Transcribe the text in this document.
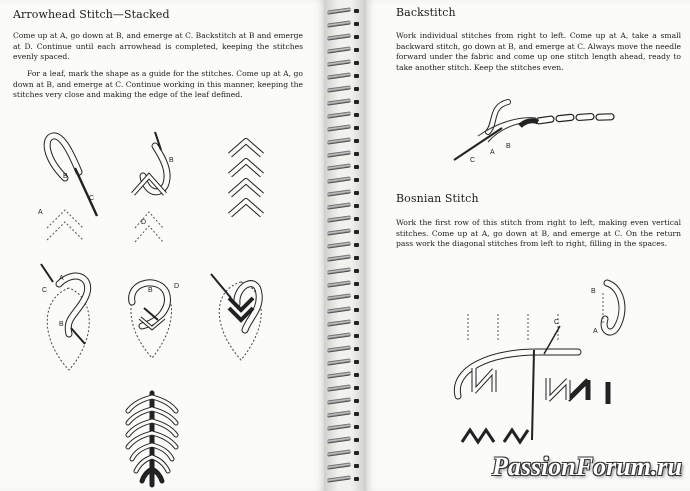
Arrowhead Stitch—Stacked

Come up at A, go down at B, and emerge at C. Backstitch at B and emerge at D. Continue until each arrowhead is completed, keeping the stitches evenly spaced.

For a leaf, mark the shape as a guide for the stitches. Come up at A, go down at B, and emerge at C. Continue working in this manner, keeping the stitches very close and making the edge of the leaf defined.

A
B
C
B
D
C
A
B
B
D
Backstitch

Work individual stitches from right to left. Come up at A, take a small backward stitch, go down at B, and emerge at C. Always move the needle forward under the fabric and come up one stitch length ahead, ready to take another stitch. Keep the stitches even.

C
A
B
Bosnian Stitch

Work the first row of this stitch from right to left, making even vertical stitches. Come up at A, go down at B, and emerge at C. On the return pass work the diagonal stitches from left to right, filling in the spaces.

B
A
C
PassionForum.ru
